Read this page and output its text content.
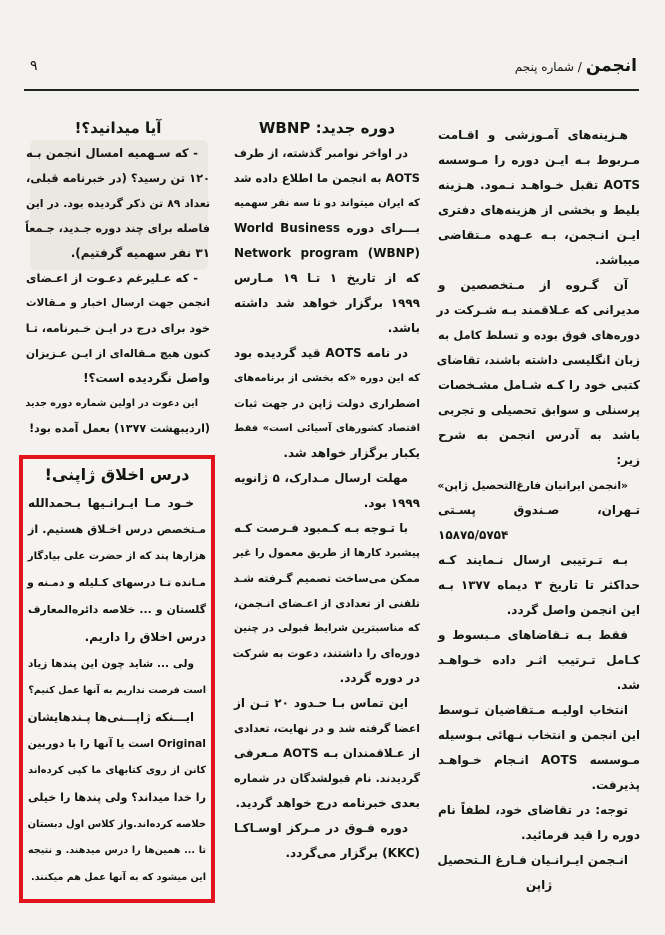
انجمن/ شماره پنجم
۹
هـزینه‌های آمـوزشی و اقـامت
مـربوط بـه ایـن دوره را مـوسسه
AOTS تقبل خـواهـد نـمود. هـزینه
بلیط و بخشی از هزینه‌های دفتری
ایـن انـجمن، بـه عـهده مـتقاضی
میباشد.
آن گـروه از مـتخصصین و
مدیرانی که عـلاقمند بـه شـرکت در
دوره‌های فوق بوده و تسلط کامل به
زبان انگلیسی داشته باشند، تقاضای
کتبی خود را کـه شـامل مشـخصات
پرسنلی و سوابق تحصیلی و تجربی
باشد به آدرس انجمن به شرح
زیر:
«انجمن ایرانیان فارغ‌التحصیل ژاپن»
تـهران، صـندوق پسـتی
۱۵۸۷۵/۵۷۵۴
بـه تـرتیبی ارسال نـمایند کـه
حداکثر تا تاریخ ۳ دیماه ۱۳۷۷ بـه
این انجمن واصل گردد.
فقط بـه تـقاضاهای مـبسوط و
کـامل تـرتیب اثـر داده خـواهـد
شد.
انتخاب اولیـه مـتقاضیان تـوسط
این انجمن و انتخاب نـهائی بـوسیله
مـوسسه AOTS انـجام خـواهـد
پذیرفت.
توجه: در تقاضای خود، لطفاً نام
دوره را قید فرمائید.
انـجمن ایـرانـیان فـارغ الـتحصیل
ژاپن
دوره جدید: WBNP
در اواخر نوامبر گذشته، از طرف
AOTS به انجمن ما اطلاع داده شد
که ایران میتواند دو تا سه نفر سهمیه
بـــرای دوره World Business
Network program (WBNP)
که از تاریخ ۱ تـا ۱۹ مـارس
۱۹۹۹ برگزار خواهد شد داشته
باشد.
در نامه AOTS قید گردیده بود
که این دوره «که بخشی از برنامه‌های
اضطراری دولت ژاپن در جهت ثبات
اقتصاد کشورهای آسیائی است» فقط
یکبار برگزار خواهد شد.
مهلت ارسال مـدارک، ۵ ژانویه
۱۹۹۹ بود.
با تـوجه بـه کـمبود فـرصت کـه
پیشبرد کارها از طریق معمول را غیر
ممکن می‌ساخت تصمیم گـرفته شـد
تلفنی از تعدادی از اعـضای انـجمن،
که مناسبترین شرایط قبولی در چنین
دوره‌ای را داشتند، دعوت به شرکت
در دوره گردد.
این تماس بـا حـدود ۲۰ تـن از
اعضا گرفته شد و در نهایت، تعدادی
از عـلاقمندان بـه AOTS مـعرفی
گردیدند. نام قبولشدگان در شماره
بعدی خبرنامه درج خواهد گردید.
دوره فـوق در مـرکز اوسـاکـا
(KKC) برگزار می‌گردد.
آیا میدانید؟!
- که سـهمیه امسال انجمن بـه
۱۲۰ تن رسید؟ (در خبرنامه قبلی،
تعداد ۸۹ تن ذکر گردیده بود. در این
فاصله برای چند دوره جـدید، جـمعاً
۳۱ نفر سهمیه گرفتیم).
- که عـلیرغم دعـوت از اعـضای
انجمن جهت ارسال اخبار و مـقالات
خود برای درج در ایـن خـبرنامه، تـا
کنون هیچ مـقاله‌ای از ایـن عـزیزان
واصل نگردیده است؟!
این دعوت در اولین شماره دوره جدید
(اردیبهشت ۱۳۷۷) بعمل آمده بود!
درس اخلاق ژاپنی!
خـود مـا ایـرانـیها بـحمدالله
مـتخصص درس اخـلاق هستیم. از
هزارها پند که از حضرت علی بیادگار
مـانده تـا درسهای کـلیله و دمـنه و
گلستان و ... خلاصه دائره‌المعارف
درس اخلاق را داریم.
ولی ... شاید چون این پندها زیاد
است فرصت نداریم به آنها عمل کنیم؟
ایـــنکه ژاپـــنی‌ها پـندهایشان
Original است یا آنها را با دوربین
کانن از روی کتابهای ما کپی کرده‌اند
را خدا میداند؟ ولی پندها را خیلی
خلاصه کرده‌اند.واز کلاس اول دبستان
تا ... همین‌ها را درس میدهند. و نتیجه
این میشود که به آنها عمل هم میکنند.
